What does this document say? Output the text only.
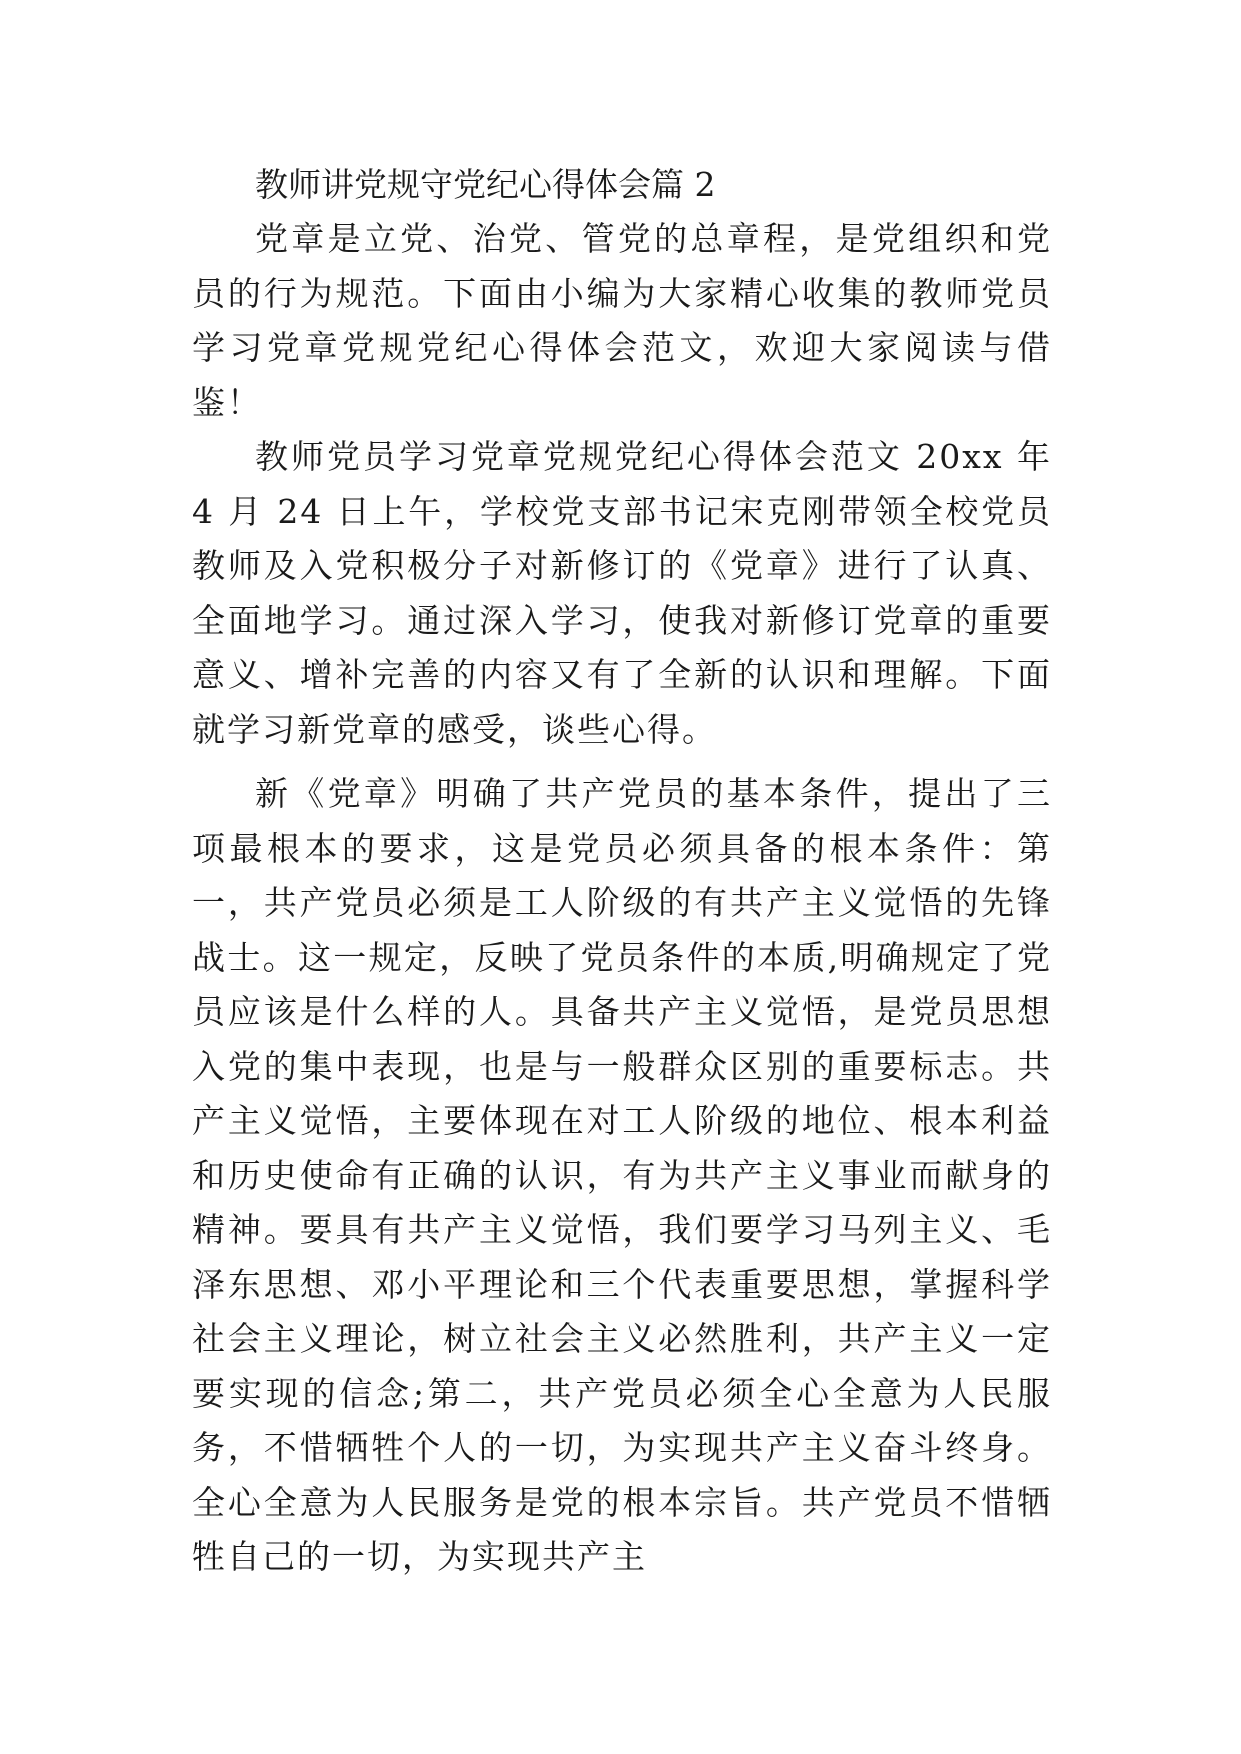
教师讲党规守党纪心得体会篇 2

党章是立党、治党、管党的总章程，是党组织和党员的行为规范。下面由小编为大家精心收集的教师党员学习党章党规党纪心得体会范文，欢迎大家阅读与借鉴！

教师党员学习党章党规党纪心得体会范文 20xx 年 4 月 24 日上午，学校党支部书记宋克刚带领全校党员教师及入党积极分子对新修订的《党章》进行了认真、全面地学习。通过深入学习，使我对新修订党章的重要意义、增补完善的内容又有了全新的认识和理解。下面就学习新党章的感受，谈些心得。

新《党章》明确了共产党员的基本条件，提出了三项最根本的要求，这是党员必须具备的根本条件：第一，共产党员必须是工人阶级的有共产主义觉悟的先锋战士。这一规定，反映了党员条件的本质,明确规定了党员应该是什么样的人。具备共产主义觉悟，是党员思想入党的集中表现，也是与一般群众区别的重要标志。共产主义觉悟，主要体现在对工人阶级的地位、根本利益和历史使命有正确的认识，有为共产主义事业而献身的精神。要具有共产主义觉悟，我们要学习马列主义、毛泽东思想、邓小平理论和三个代表重要思想，掌握科学社会主义理论，树立社会主义必然胜利，共产主义一定要实现的信念;第二，共产党员必须全心全意为人民服务，不惜牺牲个人的一切，为实现共产主义奋斗终身。全心全意为人民服务是党的根本宗旨。共产党员不惜牺牲自己的一切，为实现共产主
